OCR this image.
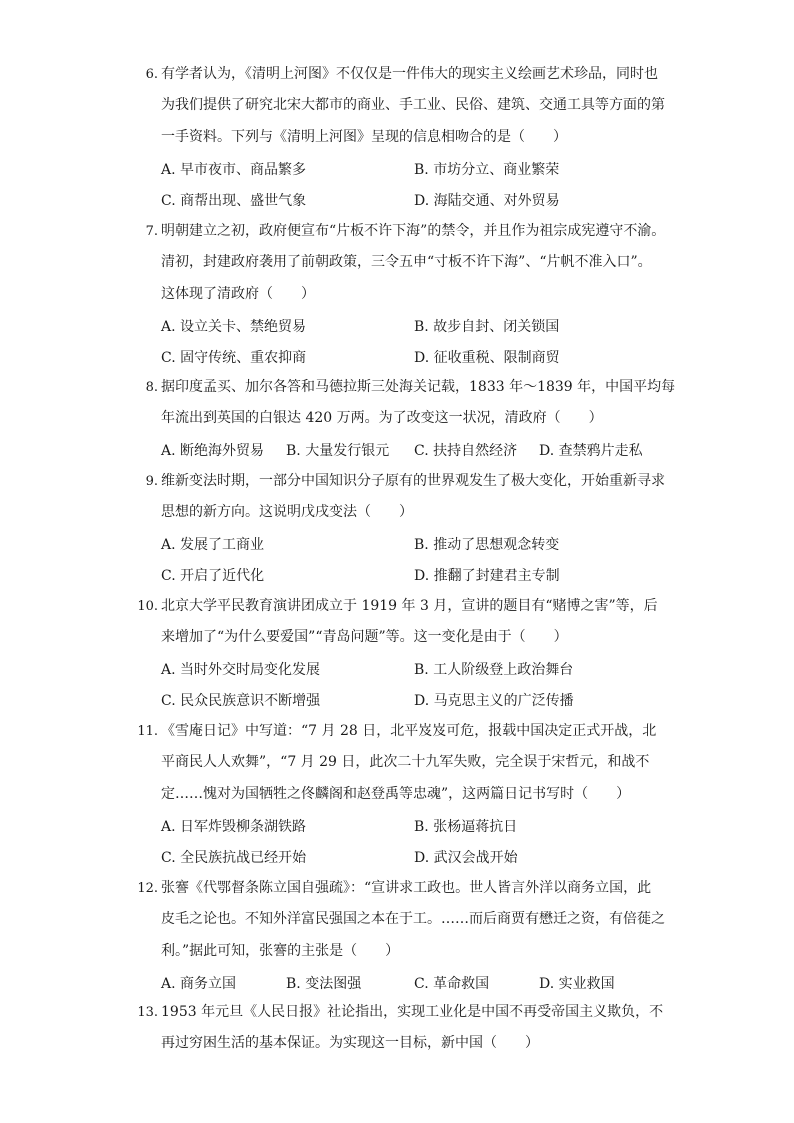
6. 有学者认为，《清明上河图》不仅仅是一件伟大的现实主义绘画艺术珍品，同时也
为我们提供了研究北宋大都市的商业、手工业、民俗、建筑、交通工具等方面的第
一手资料。下列与《清明上河图》呈现的信息相吻合的是（　　）
A. 早市夜市、商品繁多	B. 市坊分立、商业繁荣
C. 商帮出现、盛世气象	D. 海陆交通、对外贸易
7. 明朝建立之初，政府便宣布“片板不许下海”的禁令，并且作为祖宗成宪遵守不渝。
清初，封建政府袭用了前朝政策，三令五申“寸板不许下海”、“片帆不准入口”。
这体现了清政府（　　）
A. 设立关卡、禁绝贸易	B. 故步自封、闭关锁国
C. 固守传统、重农抑商	D. 征收重税、限制商贸
8. 据印度孟买、加尔各答和马德拉斯三处海关记载，1833 年～1839 年，中国平均每
年流出到英国的白银达 420 万两。为了改变这一状况，清政府（　　）
A. 断绝海外贸易 B. 大量发行银元 C. 扶持自然经济 D. 查禁鸦片走私
9. 维新变法时期，一部分中国知识分子原有的世界观发生了极大变化，开始重新寻求
思想的新方向。这说明戊戌变法（　　）
A. 发展了工商业	B. 推动了思想观念转变
C. 开启了近代化	D. 推翻了封建君主专制
10. 北京大学平民教育演讲团成立于 1919 年 3 月，宣讲的题目有“赌博之害”等，后
来增加了“为什么要爱国”“青岛问题”等。这一变化是由于（　　）
A. 当时外交时局变化发展	B. 工人阶级登上政治舞台
C. 民众民族意识不断增强	D. 马克思主义的广泛传播
11. 《雪庵日记》中写道：“7 月 28 日，北平岌岌可危，报载中国决定正式开战，北
平商民人人欢舞”，“7 月 29 日，此次二十九军失败，完全误于宋哲元，和战不
定……愧对为国牺牲之佟麟阁和赵登禹等忠魂”，这两篇日记书写时（　　）
A. 日军炸毁柳条湖铁路	B. 张杨逼蒋抗日
C. 全民族抗战已经开始	D. 武汉会战开始
12. 张謇《代鄂督条陈立国自强疏》：“宣讲求工政也。世人皆言外洋以商务立国，此
皮毛之论也。不知外洋富民强国之本在于工。……而后商贾有懋迁之资，有倍蓰之
利。”据此可知，张謇的主张是（　　）
A. 商务立国	B. 变法图强	C. 革命救国	D. 实业救国
13. 1953 年元旦《人民日报》社论指出，实现工业化是中国不再受帝国主义欺负，不
再过穷困生活的基本保证。为实现这一目标，新中国（　　）
